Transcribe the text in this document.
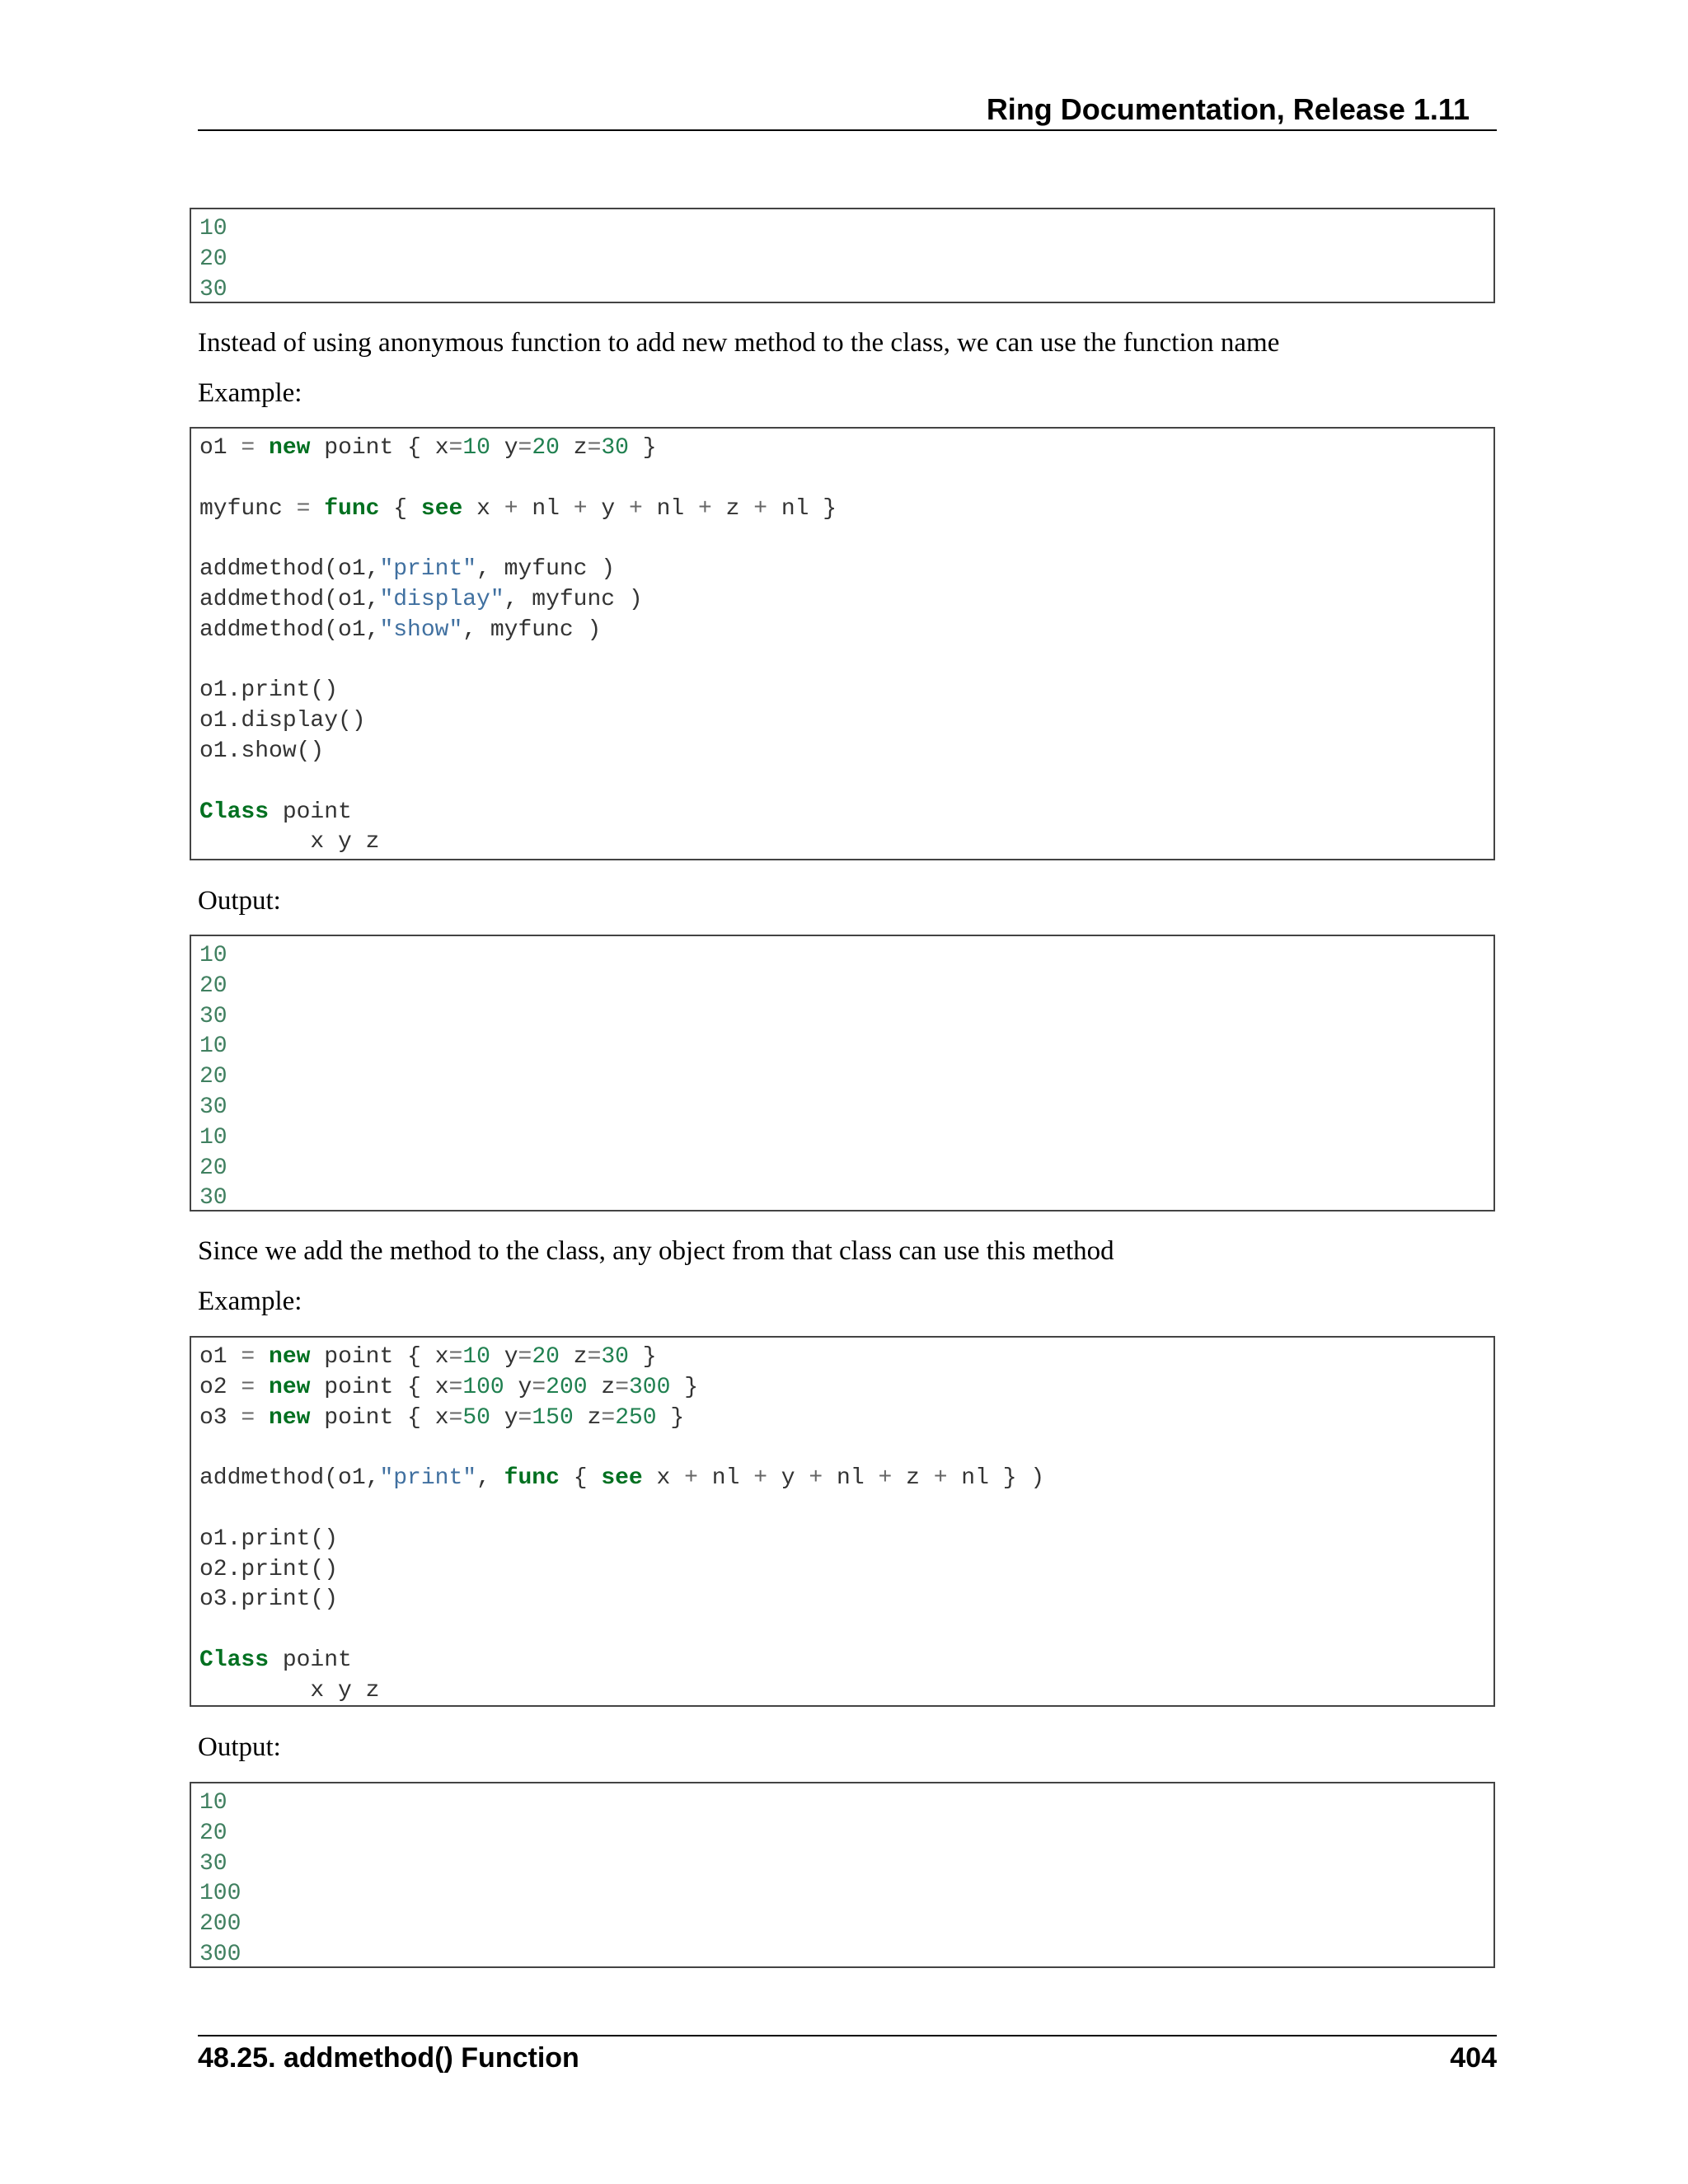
Ring Documentation, Release 1.11
10
20
30
Instead of using anonymous function to add new method to the class, we can use the function name
Example:
o1 = new point { x=10 y=20 z=30 }
myfunc = func { see x + nl + y + nl + z + nl }
addmethod(o1,"print", myfunc )
addmethod(o1,"display", myfunc )
addmethod(o1,"show", myfunc )
o1.print()
o1.display()
o1.show()
Class point
x y z
Output:
10
20
30
10
20
30
10
20
30
Since we add the method to the class, any object from that class can use this method
Example:
o1 = new point { x=10 y=20 z=30 }
o2 = new point { x=100 y=200 z=300 }
o3 = new point { x=50 y=150 z=250 }
addmethod(o1,"print", func { see x + nl + y + nl + z + nl } )
o1.print()
o2.print()
o3.print()
Class point
x y z
Output:
10
20
30
100
200
300
48.25. addmethod() Function	404
